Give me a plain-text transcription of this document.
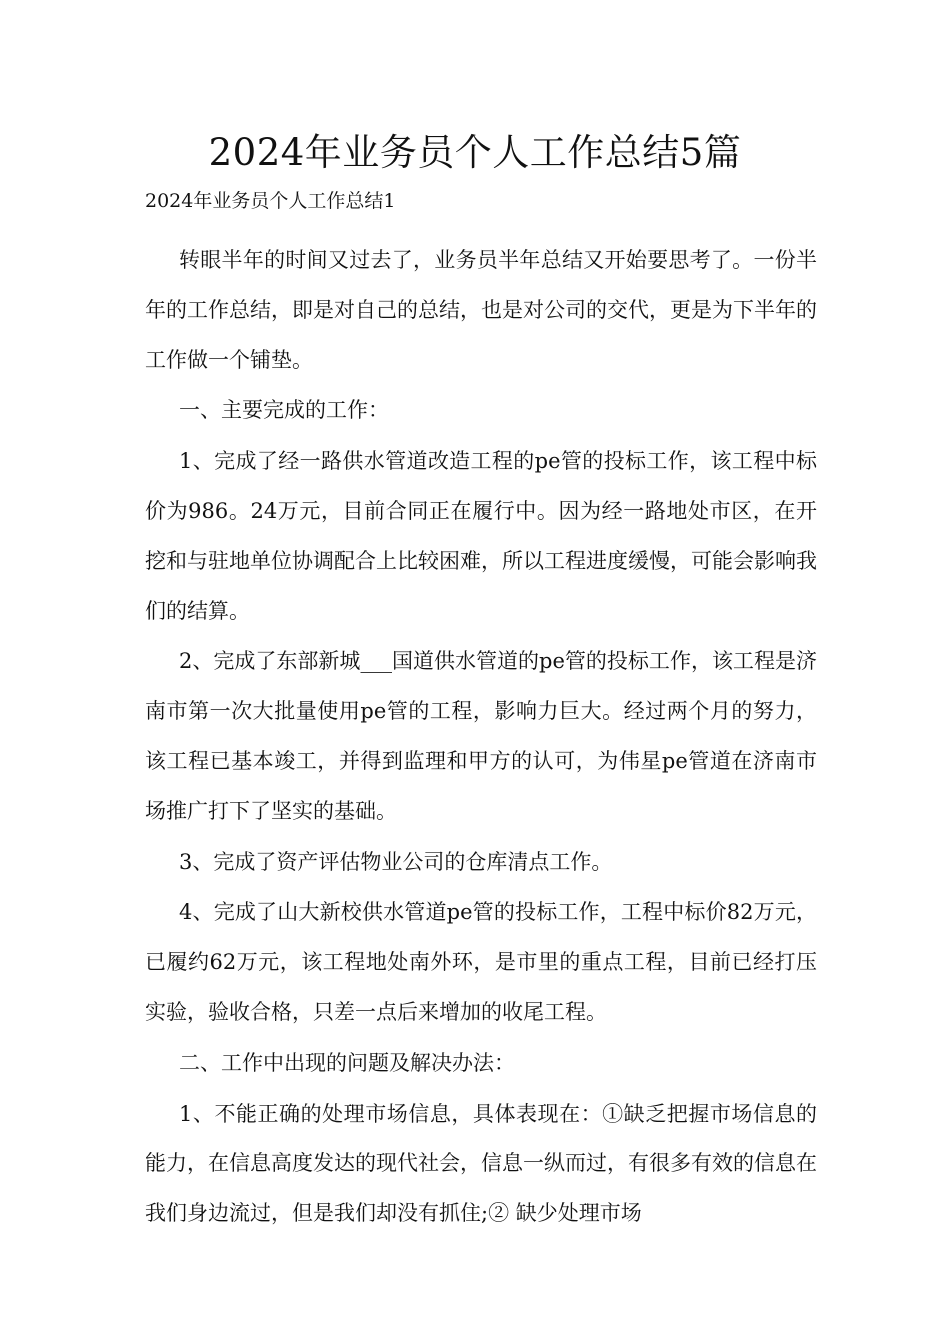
2024年业务员个人工作总结5篇

2024年业务员个人工作总结1

转眼半年的时间又过去了，业务员半年总结又开始要思考了。一份半年的工作总结，即是对自己的总结，也是对公司的交代，更是为下半年的工作做一个铺垫。

一、主要完成的工作：

1、完成了经一路供水管道改造工程的pe管的投标工作，该工程中标价为986。24万元，目前合同正在履行中。因为经一路地处市区，在开挖和与驻地单位协调配合上比较困难，所以工程进度缓慢，可能会影响我们的结算。

2、完成了东部新城___国道供水管道的pe管的投标工作，该工程是济南市第一次大批量使用pe管的工程，影响力巨大。经过两个月的努力，该工程已基本竣工，并得到监理和甲方的认可，为伟星pe管道在济南市场推广打下了坚实的基础。

3、完成了资产评估物业公司的仓库清点工作。

4、完成了山大新校供水管道pe管的投标工作，工程中标价82万元，已履约62万元，该工程地处南外环，是市里的重点工程，目前已经打压实验，验收合格，只差一点后来增加的收尾工程。

二、工作中出现的问题及解决办法：

1、不能正确的处理市场信息，具体表现在：①缺乏把握市场信息的能力，在信息高度发达的现代社会，信息一纵而过，有很多有效的信息在我们身边流过，但是我们却没有抓住;② 缺少处理市场
